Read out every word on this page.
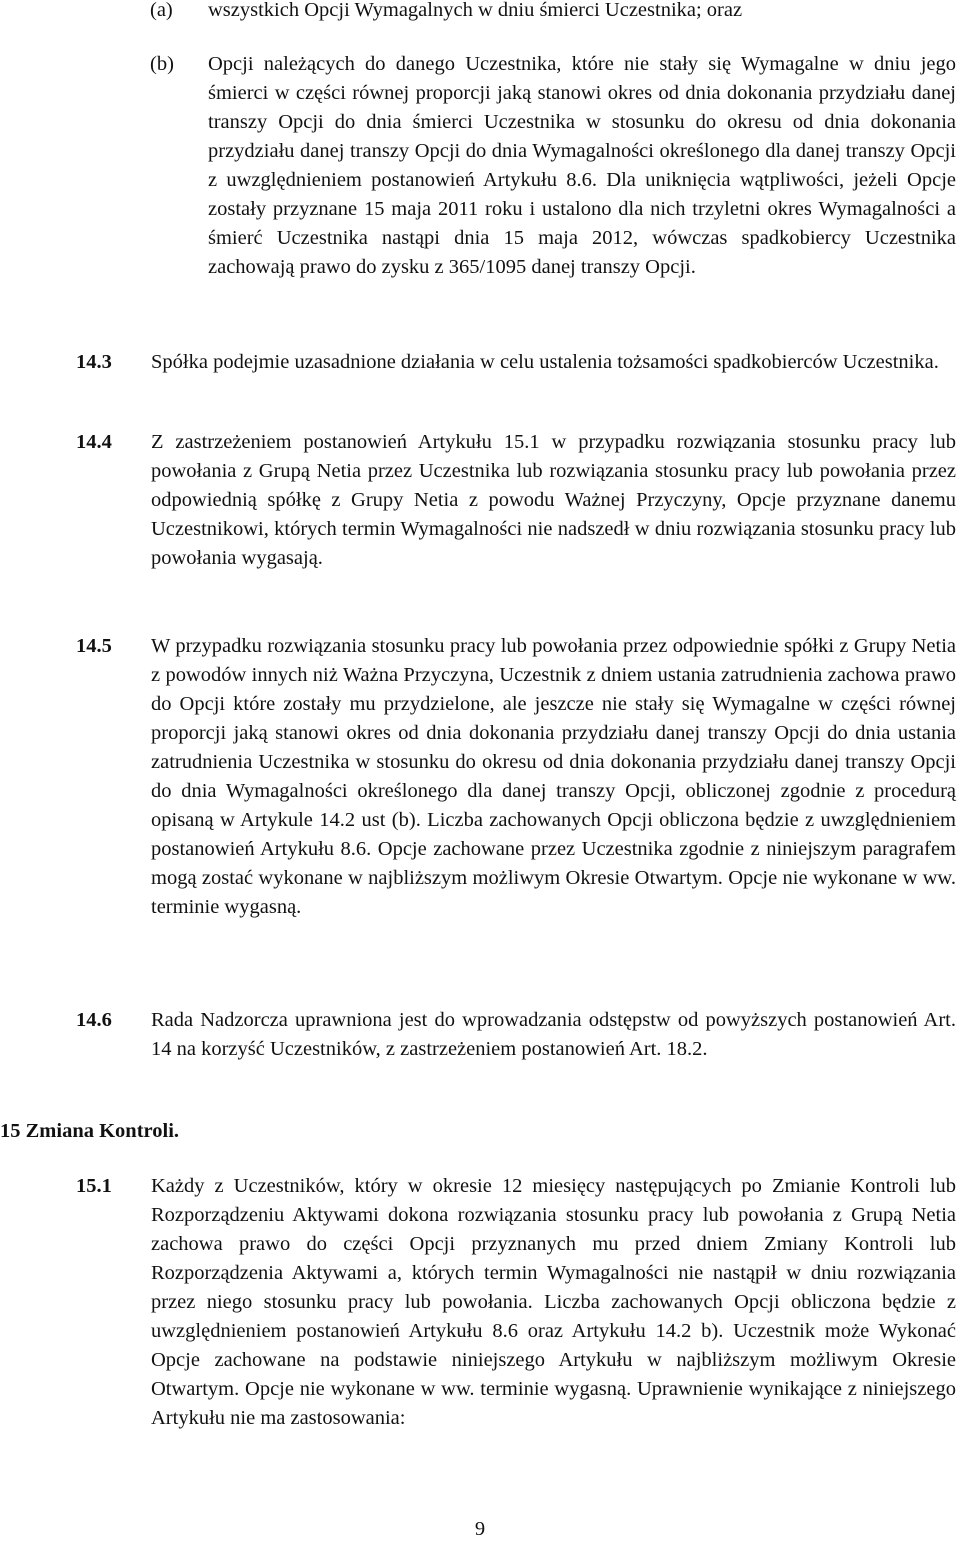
(a) wszystkich Opcji Wymagalnych w dniu śmierci Uczestnika; oraz
(b) Opcji należących do danego Uczestnika, które nie stały się Wymagalne w dniu jego śmierci w części równej proporcji jaką stanowi okres od dnia dokonania przydziału danej transzy Opcji do dnia śmierci Uczestnika w stosunku do okresu od dnia dokonania przydziału danej transzy Opcji do dnia Wymagalności określonego dla danej transzy Opcji z uwzględnieniem postanowień Artykułu 8.6. Dla uniknięcia wątpliwości, jeżeli Opcje zostały przyznane 15 maja 2011 roku i ustalono dla nich trzyletni okres Wymagalności a śmierć Uczestnika nastąpi dnia 15 maja 2012, wówczas spadkobiercy Uczestnika zachowają prawo do zysku z 365/1095 danej transzy Opcji.
14.3 Spółka podejmie uzasadnione działania w celu ustalenia tożsamości spadkobierców Uczestnika.
14.4 Z zastrzeżeniem postanowień Artykułu 15.1 w przypadku rozwiązania stosunku pracy lub powołania z Grupą Netia przez Uczestnika lub rozwiązania stosunku pracy lub powołania przez odpowiednią spółkę z Grupy Netia z powodu Ważnej Przyczyny, Opcje przyznane danemu Uczestnikowi, których termin Wymagalności nie nadszedł w dniu rozwiązania stosunku pracy lub powołania wygasają.
14.5 W przypadku rozwiązania stosunku pracy lub powołania przez odpowiednie spółki z Grupy Netia z powodów innych niż Ważna Przyczyna, Uczestnik z dniem ustania zatrudnienia zachowa prawo do Opcji które zostały mu przydzielone, ale jeszcze nie stały się Wymagalne w części równej proporcji jaką stanowi okres od dnia dokonania przydziału danej transzy Opcji do dnia ustania zatrudnienia Uczestnika w stosunku do okresu od dnia dokonania przydziału danej transzy Opcji do dnia Wymagalności określonego dla danej transzy Opcji, obliczonej zgodnie z procedurą opisaną w Artykule 14.2 ust (b). Liczba zachowanych Opcji obliczona będzie z uwzględnieniem postanowień Artykułu 8.6. Opcje zachowane przez Uczestnika zgodnie z niniejszym paragrafem mogą zostać wykonane w najbliższym możliwym Okresie Otwartym. Opcje nie wykonane w ww. terminie wygasną.
14.6 Rada Nadzorcza uprawniona jest do wprowadzania odstępstw od powyższych postanowień Art. 14 na korzyść Uczestników, z zastrzeżeniem postanowień Art. 18.2.
15 Zmiana Kontroli.
15.1 Każdy z Uczestników, który w okresie 12 miesięcy następujących po Zmianie Kontroli lub Rozporządzeniu Aktywami dokona rozwiązania stosunku pracy lub powołania z Grupą Netia zachowa prawo do części Opcji przyznanych mu przed dniem Zmiany Kontroli lub Rozporządzenia Aktywami a, których termin Wymagalności nie nastąpił w dniu rozwiązania przez niego stosunku pracy lub powołania. Liczba zachowanych Opcji obliczona będzie z uwzględnieniem postanowień Artykułu 8.6 oraz Artykułu 14.2 b). Uczestnik może Wykonać Opcje zachowane na podstawie niniejszego Artykułu w najbliższym możliwym Okresie Otwartym. Opcje nie wykonane w ww. terminie wygasną. Uprawnienie wynikające z niniejszego Artykułu nie ma zastosowania:
9
